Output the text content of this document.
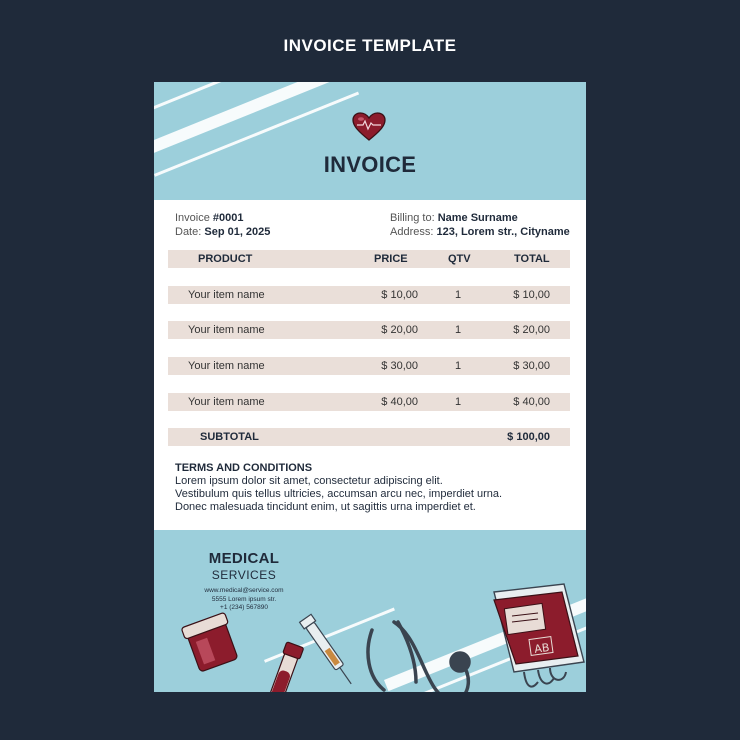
INVOICE TEMPLATE
INVOICE
Invoice #0001
Date: Sep 01, 2025
Billing to: Name Surname
Address: 123, Lorem str., Cityname
PRODUCT	PRICE	QTV	TOTAL
Your item name	$ 10,00	1	$ 10,00
Your item name	$ 20,00	1	$ 20,00
Your item name	$ 30,00	1	$ 30,00
Your item name	$ 40,00	1	$ 40,00
SUBTOTAL	$ 100,00
TERMS AND CONDITIONS
Lorem ipsum dolor sit amet, consectetur adipiscing elit.
Vestibulum quis tellus ultricies, accumsan arcu nec, imperdiet urna.
Donec malesuada tincidunt enim, ut sagittis urna imperdiet et.
MEDICAL
SERVICES
www.medical@service.com
5555 Lorem ipsum str.
+1 (234) 567890
AB
